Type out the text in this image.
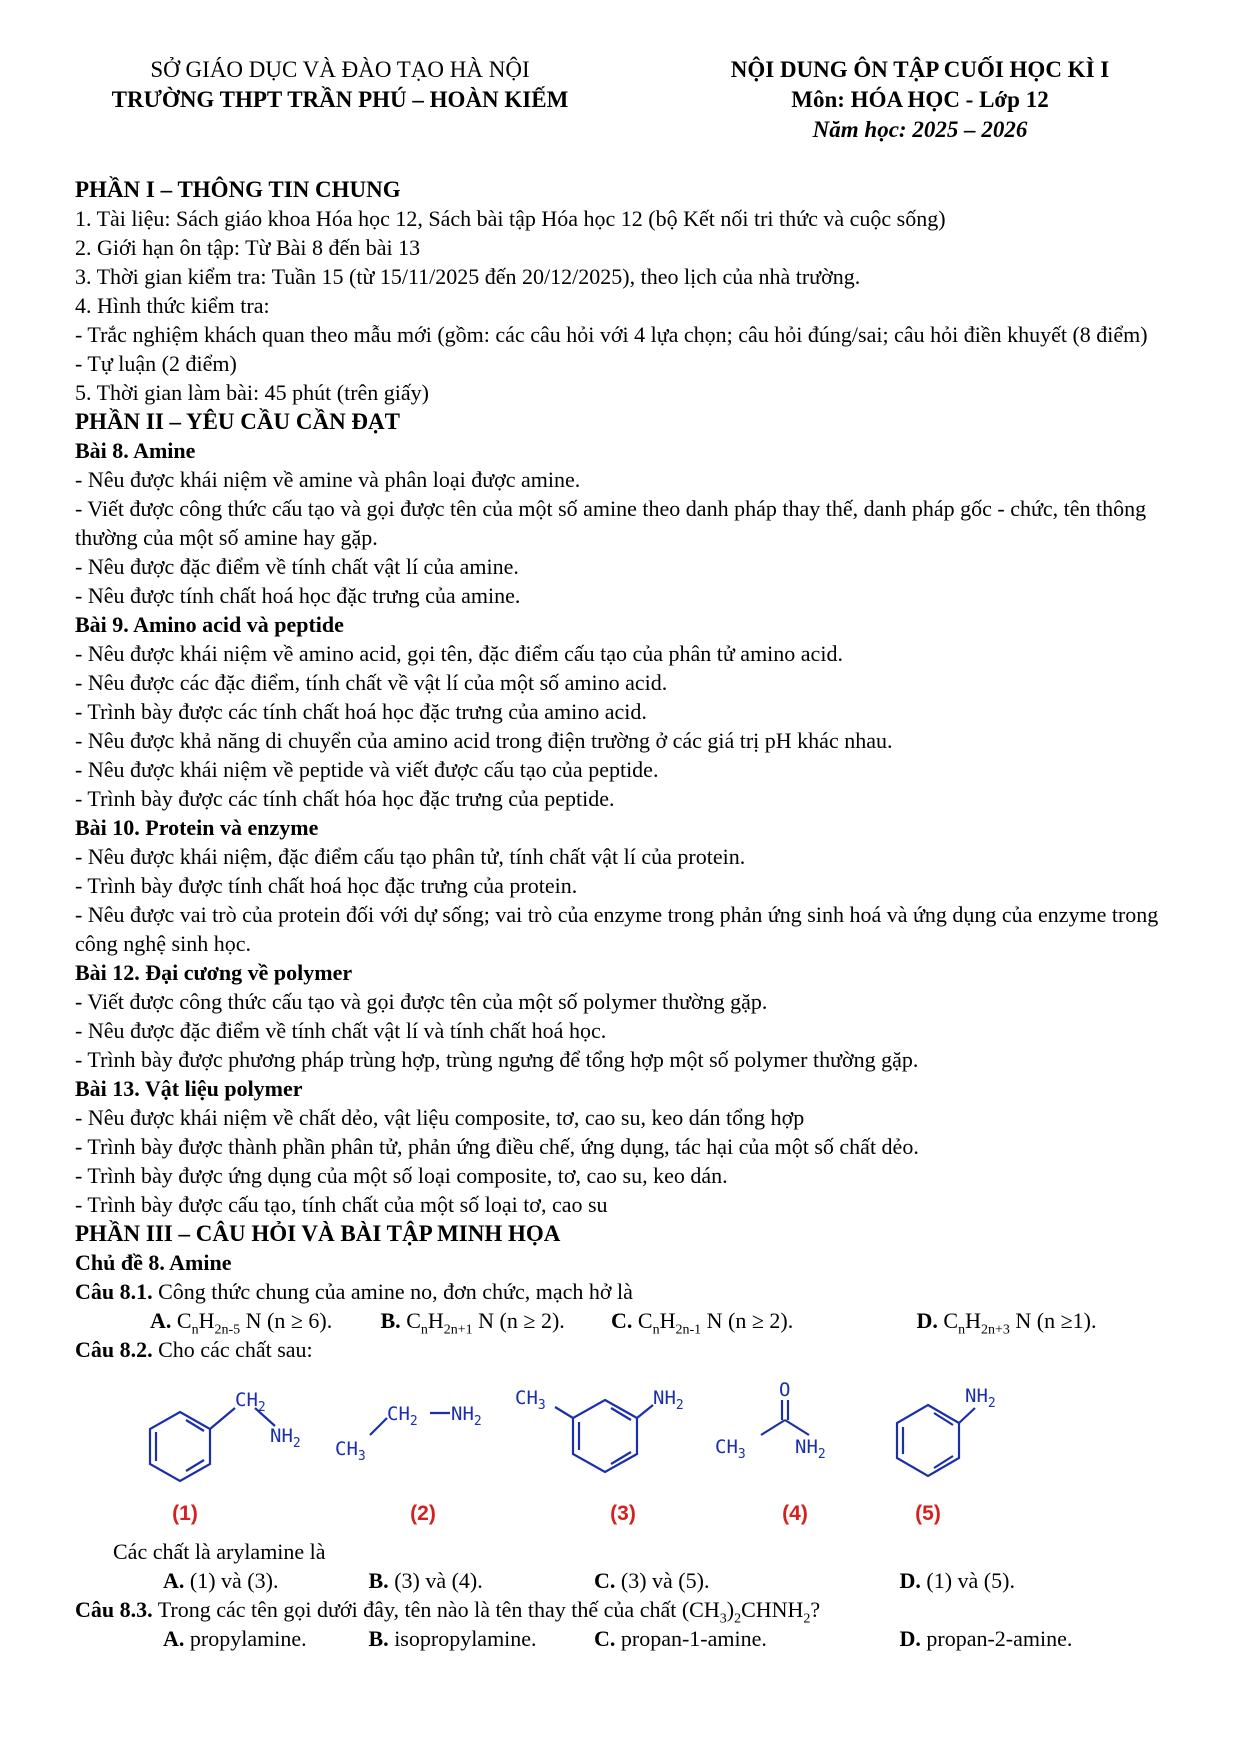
SỞ GIÁO DỤC VÀ ĐÀO TẠO HÀ NỘI
TRƯỜNG THPT TRẦN PHÚ – HOÀN KIẾM
NỘI DUNG ÔN TẬP CUỐI HỌC KÌ I
Môn: HÓA HỌC - Lớp 12
Năm học: 2025 – 2026
PHẦN I – THÔNG TIN CHUNG
1. Tài liệu: Sách giáo khoa Hóa học 12, Sách bài tập Hóa học 12 (bộ Kết nối tri thức và cuộc sống)
2. Giới hạn ôn tập: Từ Bài 8 đến bài 13
3. Thời gian kiểm tra: Tuần 15 (từ 15/11/2025 đến 20/12/2025), theo lịch của nhà trường.
4. Hình thức kiểm tra:
- Trắc nghiệm khách quan theo mẫu mới (gồm: các câu hỏi với 4 lựa chọn; câu hỏi đúng/sai; câu hỏi điền khuyết (8 điểm)
- Tự luận (2 điểm)
5. Thời gian làm bài: 45 phút (trên giấy)
PHẦN II – YÊU CẦU CẦN ĐẠT
Bài 8. Amine
- Nêu được khái niệm về amine và phân loại được amine.
- Viết được công thức cấu tạo và gọi được tên của một số amine theo danh pháp thay thế, danh pháp gốc - chức, tên thông thường của một số amine hay gặp.
- Nêu được đặc điểm về tính chất vật lí của amine.
- Nêu được tính chất hoá học đặc trưng của amine.
Bài 9. Amino acid và peptide
- Nêu được khái niệm về amino acid, gọi tên, đặc điểm cấu tạo của phân tử amino acid.
- Nêu được các đặc điểm, tính chất về vật lí của một số amino acid.
- Trình bày được các tính chất hoá học đặc trưng của amino acid.
- Nêu được khả năng di chuyển của amino acid trong điện trường ở các giá trị pH khác nhau.
- Nêu được khái niệm về peptide và viết được cấu tạo của peptide.
- Trình bày được các tính chất hóa học đặc trưng của peptide.
Bài 10. Protein và enzyme
- Nêu được khái niệm, đặc điểm cấu tạo phân tử, tính chất vật lí của protein.
- Trình bày được tính chất hoá học đặc trưng của protein.
- Nêu được vai trò của protein đối với dự sống; vai trò của enzyme trong phản ứng sinh hoá và ứng dụng của enzyme trong công nghệ sinh học.
Bài 12. Đại cương về polymer
- Viết được công thức cấu tạo và gọi được tên của một số polymer thường gặp.
- Nêu được đặc điểm về tính chất vật lí và tính chất hoá học.
- Trình bày được phương pháp trùng hợp, trùng ngưng để tổng hợp một số polymer thường gặp.
Bài 13. Vật liệu polymer
- Nêu được khái niệm về chất dẻo, vật liệu composite, tơ, cao su, keo dán tổng hợp
- Trình bày được thành phần phân tử, phản ứng điều chế, ứng dụng, tác hại của một số chất dẻo.
- Trình bày được ứng dụng của một số loại composite, tơ, cao su, keo dán.
- Trình bày được cấu tạo, tính chất của một số loại tơ, cao su
PHẦN III – CÂU HỎI VÀ BÀI TẬP MINH HỌA
Chủ đề 8. Amine
Câu 8.1. Công thức chung của amine no, đơn chức, mạch hở là
A. $C_nH_{2n-5}$ N (n ≥ 6). B. $C_nH_{2n+1}$ N (n ≥ 2). C. $C_nH_{2n-1}$ N (n ≥ 2).	D. $C_nH_{2n+3}$ N (n ≥1).
Câu 8.2. Cho các chất sau:
$CH_2$
$NH_2$
$CH_2$ $NH_2$
$CH_3$
$CH_3$	$NH_2$
O
$CH_3$	$NH_2$
$NH_2$
(1)	(2)	(3)	(4)	(5)
Các chất là arylamine là
A. (1) và (3).	B. (3) và (4).	C. (3) và (5).	D. (1) và (5).
Câu 8.3. Trong các tên gọi dưới đây, tên nào là tên thay thế của chất $(CH_3)_2CHNH_2$?
A. propylamine.	B. isopropylamine.	C. propan-1-amine.	D. propan-2-amine.
